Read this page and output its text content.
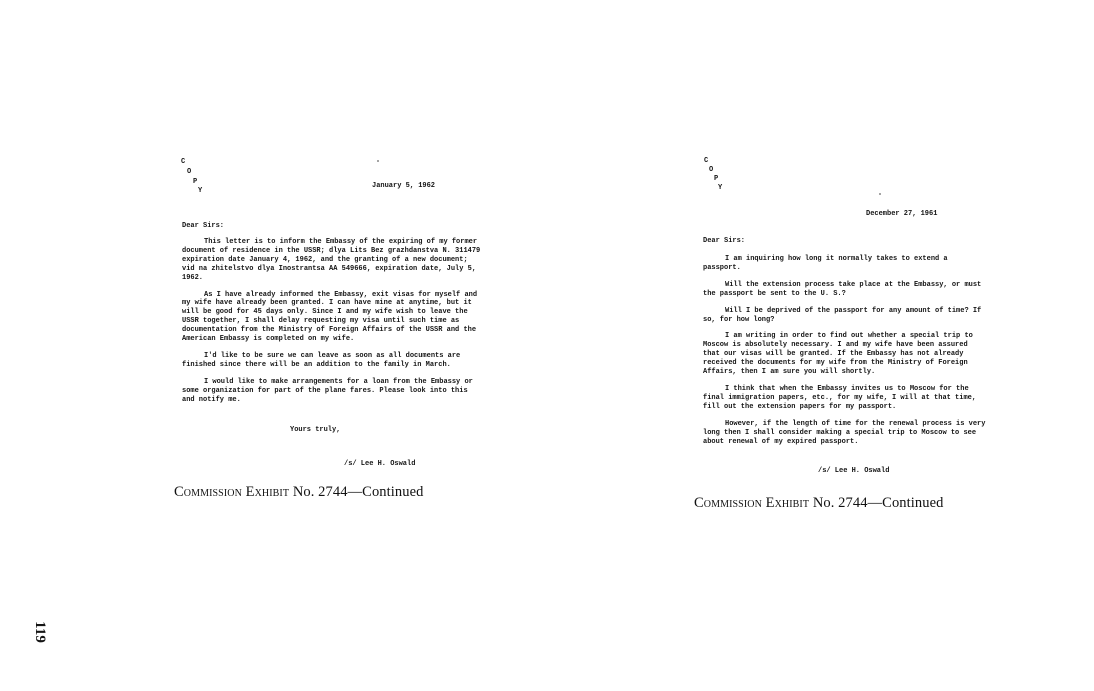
C
O
P
Y
January 5, 1962
Dear Sirs:

This letter is to inform the Embassy of the expiring of my former document of residence in the USSR; dlya Lits Bez grazhdanstva N. 311479 expiration date January 4, 1962, and the granting of a new document; vid na zhitelstvo dlya Inostrantsa AA 549666, expiration date, July 5, 1962.

As I have already informed the Embassy, exit visas for myself and my wife have already been granted. I can have mine at anytime, but it will be good for 45 days only. Since I and my wife wish to leave the USSR together, I shall delay requesting my visa until such time as documentation from the Ministry of Foreign Affairs of the USSR and the American Embassy is completed on my wife.

I'd like to be sure we can leave as soon as all documents are finished since there will be an addition to the family in March.

I would like to make arrangements for a loan from the Embassy or some organization for part of the plane fares. Please look into this and notify me.

Yours truly,
/s/ Lee H. Oswald
Commission Exhibit No. 2744—Continued
C
O
P
Y
December 27, 1961
Dear Sirs:

I am inquiring how long it normally takes to extend a passport.

Will the extension process take place at the Embassy, or must the passport be sent to the U. S.?

Will I be deprived of the passport for any amount of time? If so, for how long?

I am writing in order to find out whether a special trip to Moscow is absolutely necessary. I and my wife have been assured that our visas will be granted. If the Embassy has not already received the documents for my wife from the Ministry of Foreign Affairs, then I am sure you will shortly.

I think that when the Embassy invites us to Moscow for the final immigration papers, etc., for my wife, I will at that time, fill out the extension papers for my passport.

However, if the length of time for the renewal process is very long then I shall consider making a special trip to Moscow to see about renewal of my expired passport.

/s/ Lee H. Oswald
Commission Exhibit No. 2744—Continued
119
